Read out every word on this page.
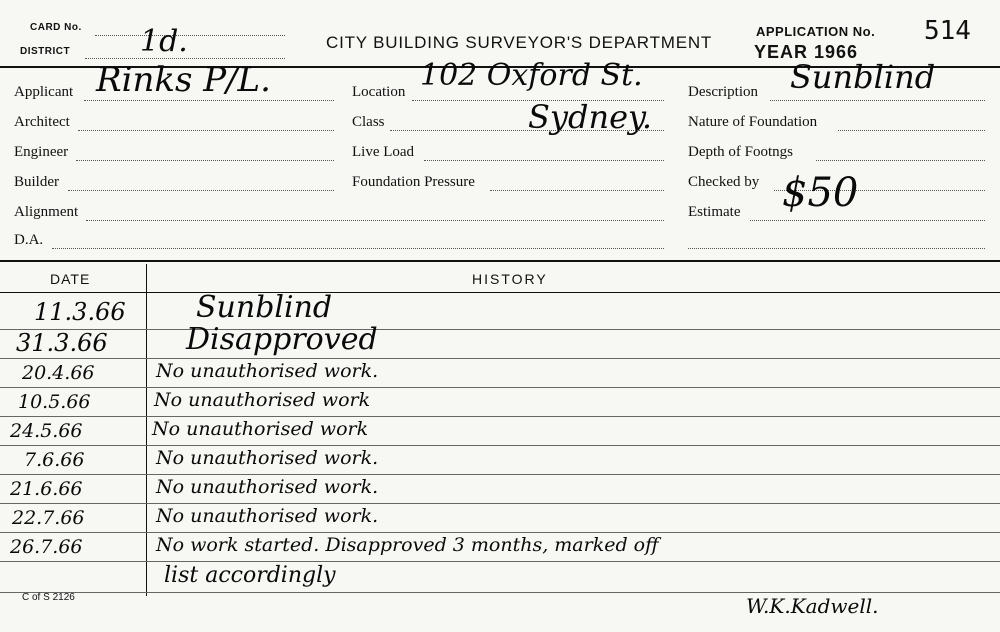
CARD No.
DISTRICT 1d.	CITY BUILDING SURVEYOR'S DEPARTMENT
APPLICATION No. 514
YEAR 1966
Applicant Rinks P/L.
Architect
Engineer
Builder
Alignment
D.A.
Location 102 Oxford St.
Sydney.
Class
Live Load
Foundation Pressure
Description Sunblind
Nature of Foundation
Depth of Footngs
Checked by
Estimate $50
DATE	HISTORY
11.3.66 Sunblind
31.3.66	Disapproved
20.4.66	No unauthorised work.
10.5.66	No unauthorised work
24.5.66	No unauthorised work
7.6.66	No unauthorised work.
21.6.66	No unauthorised work.
22.7.66	No unauthorised work.
26.7.66	No work started. Disapproved 3 months, marked off
list accordingly
W.K.Kadwell.
C of S 2126
